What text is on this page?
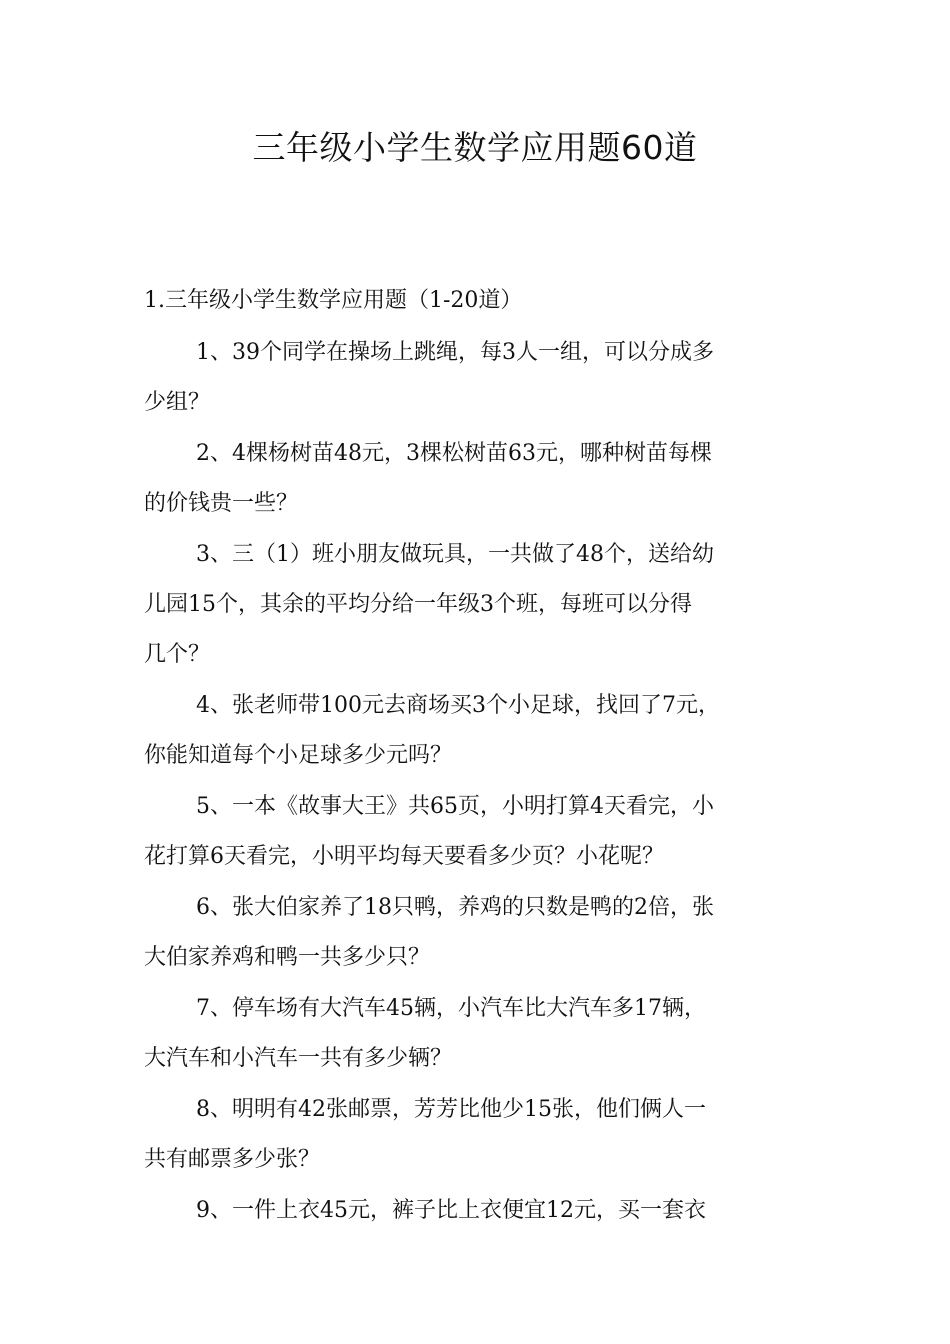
三年级小学生数学应用题60道
1.三年级小学生数学应用题（1-20道）
1、39个同学在操场上跳绳，每3人一组，可以分成多
少组？
2、4棵杨树苗48元，3棵松树苗63元，哪种树苗每棵
的价钱贵一些？
3、三（1）班小朋友做玩具，一共做了48个，送给幼
儿园15个，其余的平均分给一年级3个班，每班可以分得
几个？
4、张老师带100元去商场买3个小足球，找回了7元，
你能知道每个小足球多少元吗？
5、一本《故事大王》共65页，小明打算4天看完，小
花打算6天看完，小明平均每天要看多少页？小花呢？
6、张大伯家养了18只鸭，养鸡的只数是鸭的2倍，张
大伯家养鸡和鸭一共多少只？
7、停车场有大汽车45辆，小汽车比大汽车多17辆，
大汽车和小汽车一共有多少辆？
8、明明有42张邮票，芳芳比他少15张，他们俩人一
共有邮票多少张？
9、一件上衣45元，裤子比上衣便宜12元，买一套衣
